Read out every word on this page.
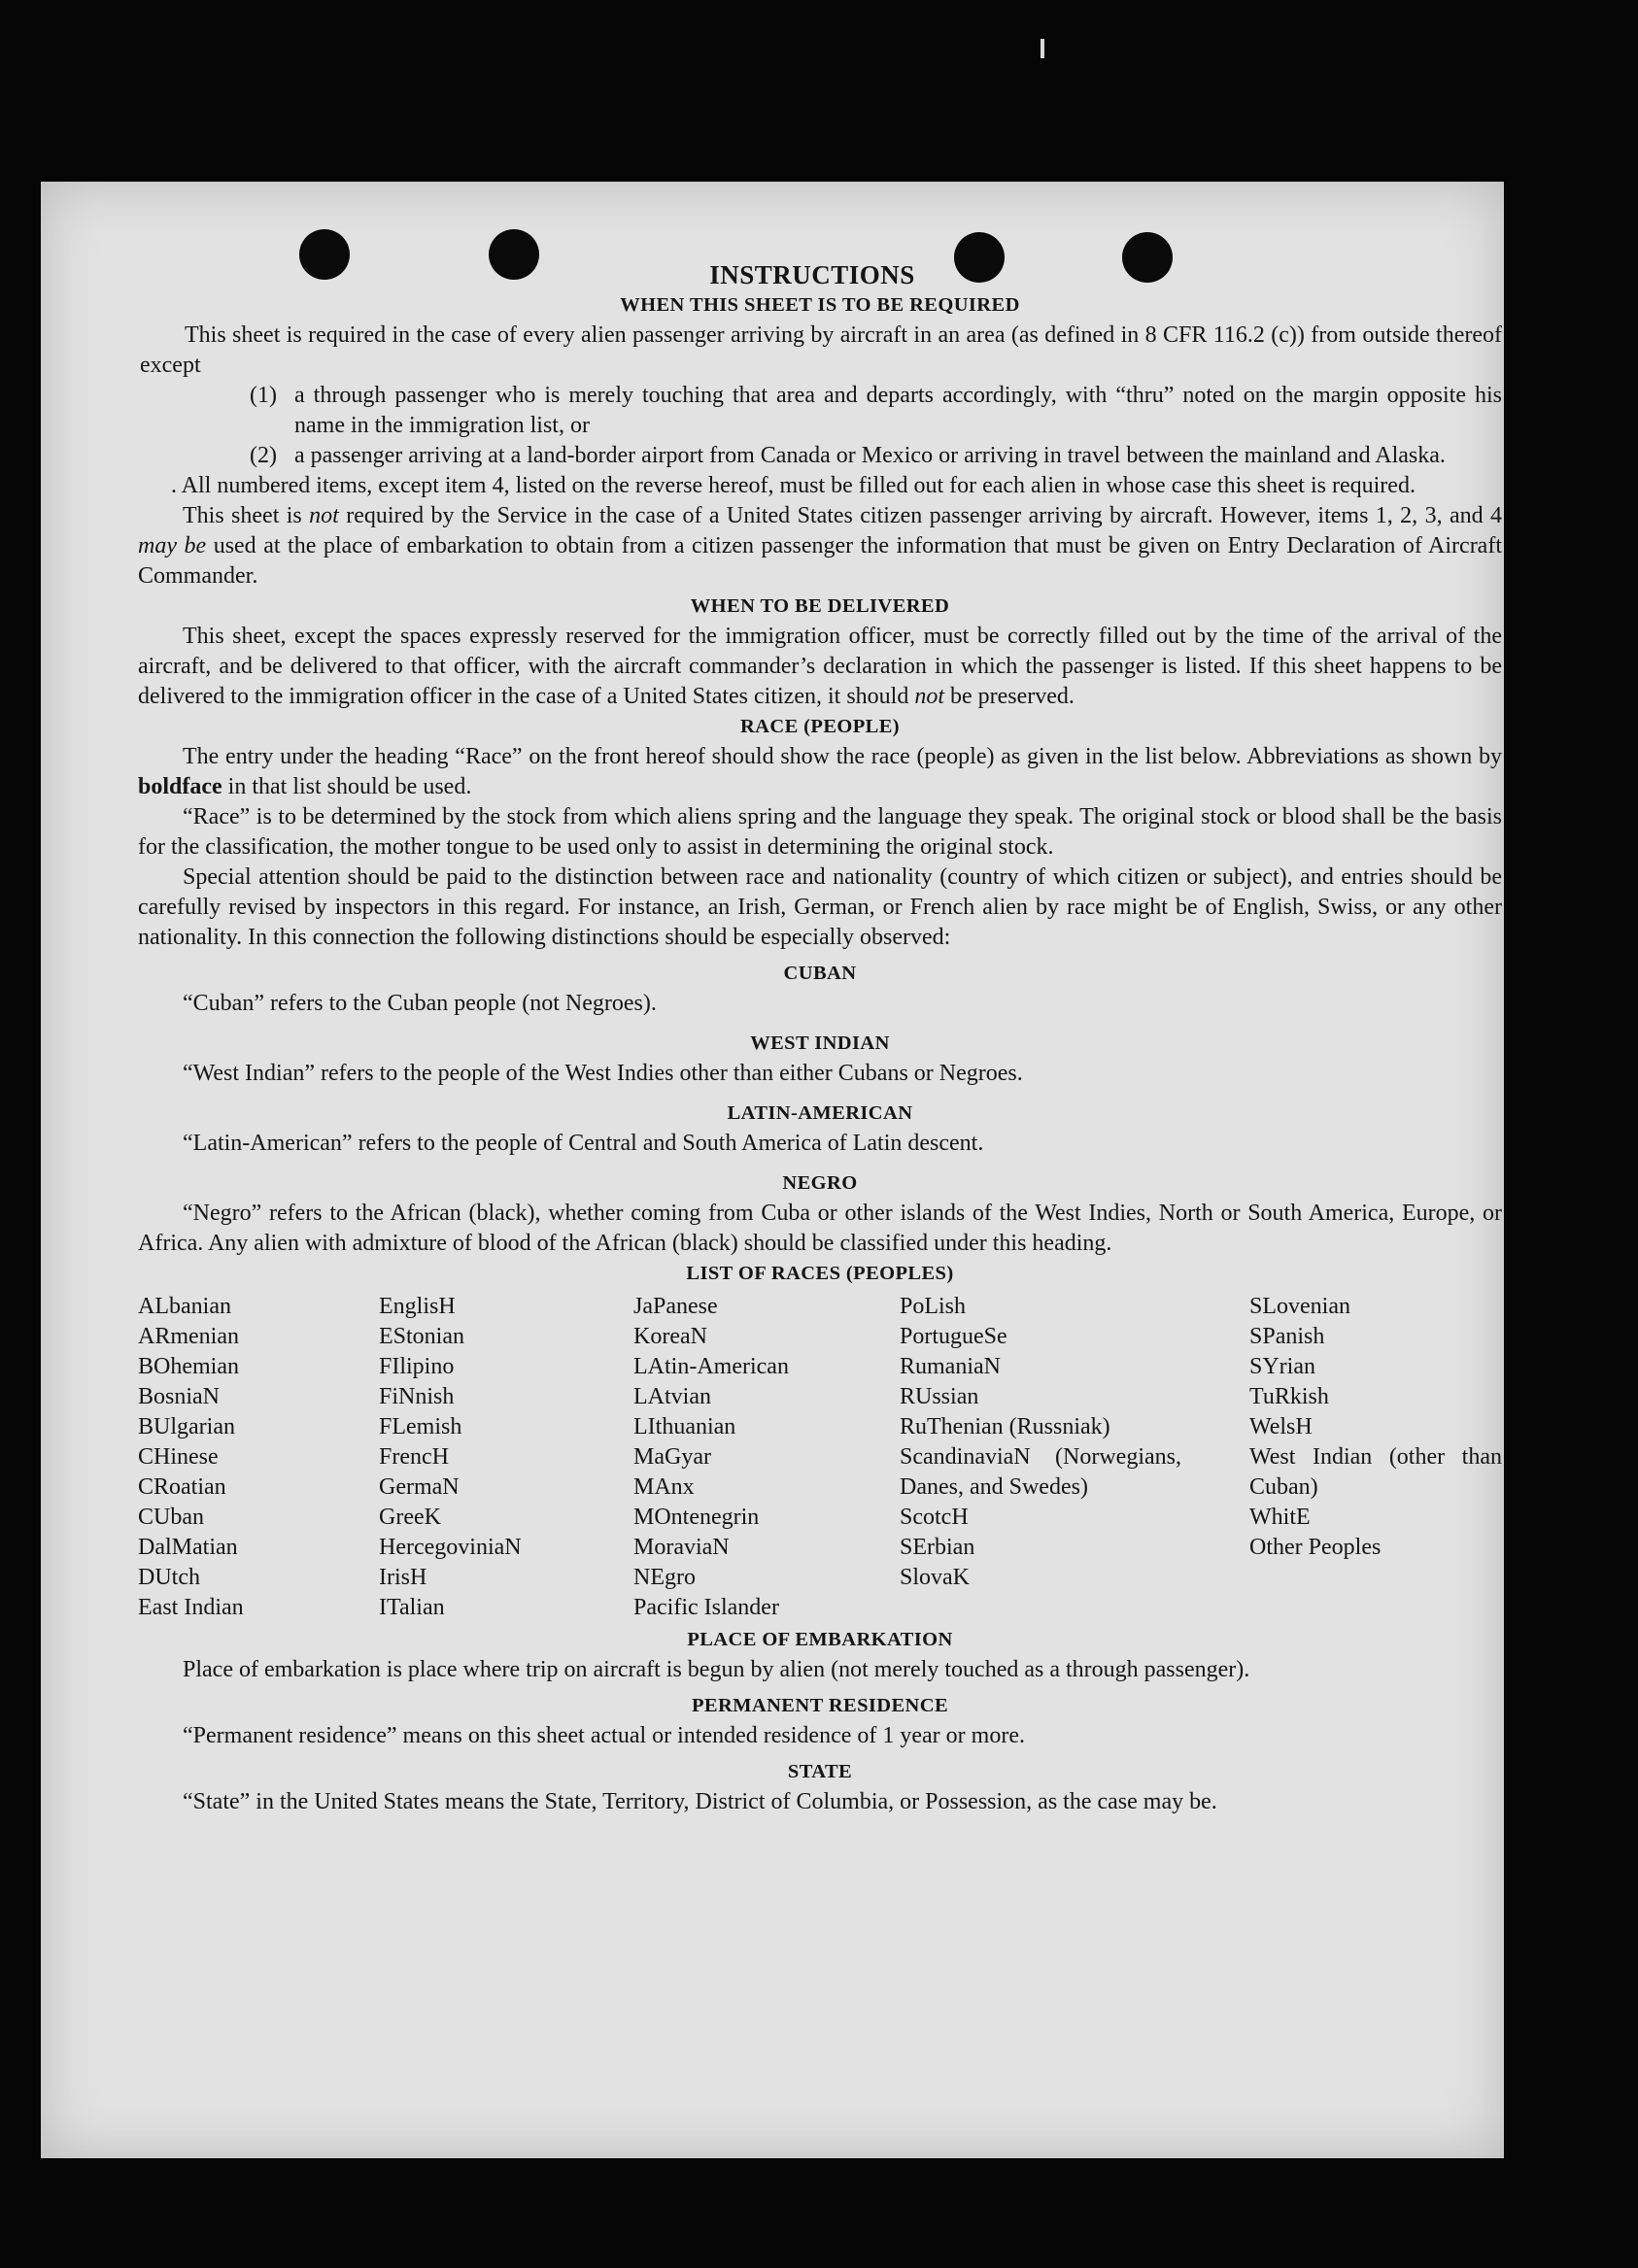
INSTRUCTIONS
WHEN THIS SHEET IS TO BE REQUIRED

This sheet is required in the case of every alien passenger arriving by aircraft in an area (as defined in 8 CFR 116.2 (c)) from outside thereof except

(1) a through passenger who is merely touching that area and departs accordingly, with “thru” noted on the margin opposite his name in the immigration list, or
(2) a passenger arriving at a land-border airport from Canada or Mexico or arriving in travel between the mainland and Alaska.

. All numbered items, except item 4, listed on the reverse hereof, must be filled out for each alien in whose case this sheet is required.

This sheet is not required by the Service in the case of a United States citizen passenger arriving by aircraft. However, items 1, 2, 3, and 4 may be used at the place of embarkation to obtain from a citizen passenger the information that must be given on Entry Declaration of Aircraft Commander.

WHEN TO BE DELIVERED

This sheet, except the spaces expressly reserved for the immigration officer, must be correctly filled out by the time of the arrival of the aircraft, and be delivered to that officer, with the aircraft commander’s declaration in which the passenger is listed. If this sheet happens to be delivered to the immigration officer in the case of a United States citizen, it should not be preserved.

RACE (PEOPLE)

The entry under the heading “Race” on the front hereof should show the race (people) as given in the list below. Abbreviations as shown by boldface in that list should be used.

“Race” is to be determined by the stock from which aliens spring and the language they speak. The original stock or blood shall be the basis for the classification, the mother tongue to be used only to assist in determining the original stock.

Special attention should be paid to the distinction between race and nationality (country of which citizen or subject), and entries should be carefully revised by inspectors in this regard. For instance, an Irish, German, or French alien by race might be of English, Swiss, or any other nationality. In this connection the following distinctions should be especially observed:

CUBAN

“Cuban” refers to the Cuban people (not Negroes).

WEST INDIAN

“West Indian” refers to the people of the West Indies other than either Cubans or Negroes.

LATIN-AMERICAN

“Latin-American” refers to the people of Central and South America of Latin descent.

NEGRO

“Negro” refers to the African (black), whether coming from Cuba or other islands of the West Indies, North or South America, Europe, or Africa. Any alien with admixture of blood of the African (black) should be classified under this heading.

LIST OF RACES (PEOPLES)
ALbanian
ARmenian
BOhemian
BosniaN
BUlgarian
CHinese
CRoatian
CUban
DalMatian
DUtch
East Indian
EnglisH
EStonian
FIlipino
FiNnish
FLemish
FrencH
GermaN
GreeK
HercegoviniaN
IrisH
ITalian
JaPanese
KoreaN
LAtin-American
LAtvian
LIthuanian
MaGyar
MAnx
MOntenegrin
MoraviaN
NEgro
Pacific Islander
PoLish
PortugueSe
RumaniaN
RUssian
RuThenian (Russniak)
ScandinaviaN (Norwegians, Danes, and Swedes)
ScotcH
SErbian
SlovaK
SLovenian
SPanish
SYrian
TuRkish
WelsH
West Indian (other than Cuban)
WhitE
Other Peoples
PLACE OF EMBARKATION

Place of embarkation is place where trip on aircraft is begun by alien (not merely touched as a through passenger).

PERMANENT RESIDENCE

“Permanent residence” means on this sheet actual or intended residence of 1 year or more.

STATE

“State” in the United States means the State, Territory, District of Columbia, or Possession, as the case may be.
